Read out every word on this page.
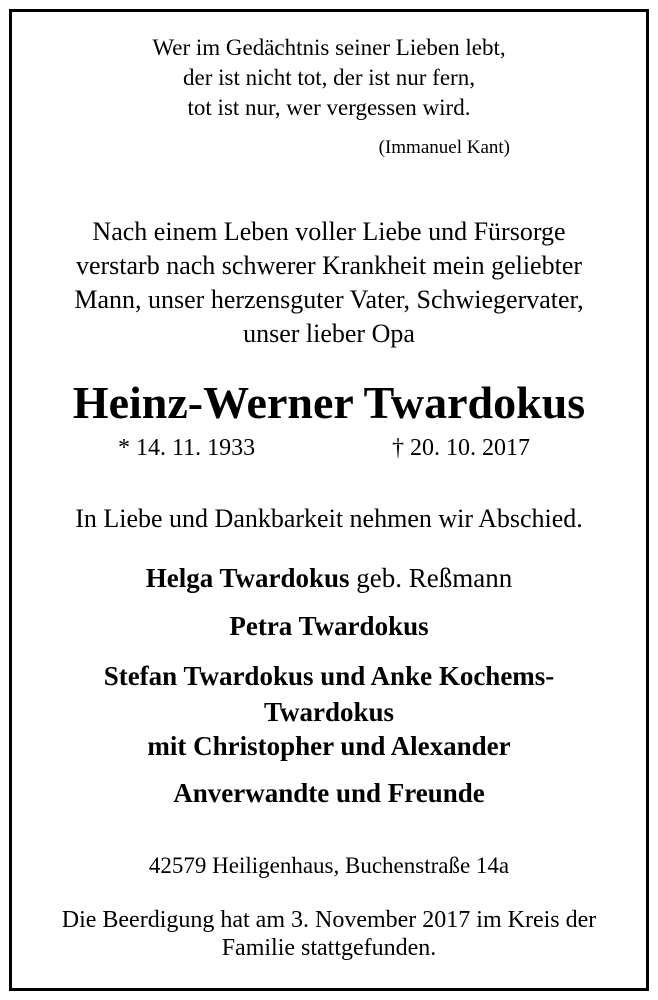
Wer im Gedächtnis seiner Lieben lebt,
der ist nicht tot, der ist nur fern,
tot ist nur, wer vergessen wird.
(Immanuel Kant)
Nach einem Leben voller Liebe und Fürsorge
verstarb nach schwerer Krankheit mein geliebter
Mann, unser herzensguter Vater, Schwiegervater,
unser lieber Opa
Heinz-Werner Twardokus
* 14. 11. 1933	† 20. 10. 2017
In Liebe und Dankbarkeit nehmen wir Abschied.
Helga Twardokus geb. Reßmann
Petra Twardokus
Stefan Twardokus und Anke Kochems-
Twardokus
mit Christopher und Alexander
Anverwandte und Freunde
42579 Heiligenhaus, Buchenstraße 14a
Die Beerdigung hat am 3. November 2017 im Kreis der
Familie stattgefunden.
